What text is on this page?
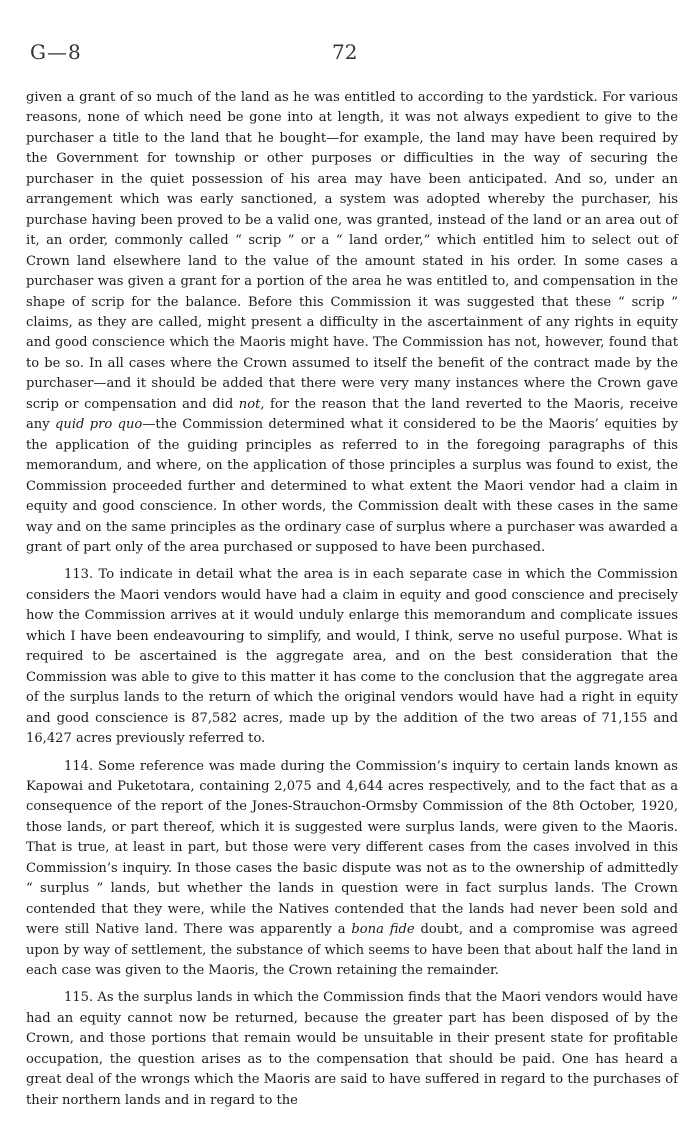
G—8	72

given a grant of so much of the land as he was entitled to according to the yardstick. For various reasons, none of which need be gone into at length, it was not always expedient to give to the purchaser a title to the land that he bought—for example, the land may have been required by the Government for township or other purposes or difficulties in the way of securing the purchaser in the quiet possession of his area may have been anticipated. And so, under an arrangement which was early sanctioned, a system was adopted whereby the purchaser, his purchase having been proved to be a valid one, was granted, instead of the land or an area out of it, an order, commonly called “ scrip ” or a “ land order,” which entitled him to select out of Crown land elsewhere land to the value of the amount stated in his order. In some cases a purchaser was given a grant for a portion of the area he was entitled to, and compensation in the shape of scrip for the balance. Before this Commission it was suggested that these “ scrip ” claims, as they are called, might present a difficulty in the ascertainment of any rights in equity and good conscience which the Maoris might have. The Commission has not, however, found that to be so. In all cases where the Crown assumed to itself the benefit of the contract made by the purchaser—and it should be added that there were very many instances where the Crown gave scrip or compensation and did not, for the reason that the land reverted to the Maoris, receive any quid pro quo—the Commission determined what it considered to be the Maoris’ equities by the application of the guiding principles as referred to in the foregoing paragraphs of this memorandum, and where, on the application of those principles a surplus was found to exist, the Commission proceeded further and determined to what extent the Maori vendor had a claim in equity and good conscience. In other words, the Commission dealt with these cases in the same way and on the same principles as the ordinary case of surplus where a purchaser was awarded a grant of part only of the area purchased or supposed to have been purchased.

113. To indicate in detail what the area is in each separate case in which the Commission considers the Maori vendors would have had a claim in equity and good conscience and precisely how the Commission arrives at it would unduly enlarge this memorandum and complicate issues which I have been endeavouring to simplify, and would, I think, serve no useful purpose. What is required to be ascertained is the aggregate area, and on the best consideration that the Commission was able to give to this matter it has come to the conclusion that the aggregate area of the surplus lands to the return of which the original vendors would have had a right in equity and good conscience is 87,582 acres, made up by the addition of the two areas of 71,155 and 16,427 acres previously referred to.

114. Some reference was made during the Commission’s inquiry to certain lands known as Kapowai and Puketotara, containing 2,075 and 4,644 acres respectively, and to the fact that as a consequence of the report of the Jones-Strauchon-Ormsby Commission of the 8th October, 1920, those lands, or part thereof, which it is suggested were surplus lands, were given to the Maoris. That is true, at least in part, but those were very different cases from the cases involved in this Commission’s inquiry. In those cases the basic dispute was not as to the ownership of admittedly “ surplus ” lands, but whether the lands in question were in fact surplus lands. The Crown contended that they were, while the Natives contended that the lands had never been sold and were still Native land. There was apparently a bona fide doubt, and a compromise was agreed upon by way of settlement, the substance of which seems to have been that about half the land in each case was given to the Maoris, the Crown retaining the remainder.

115. As the surplus lands in which the Commission finds that the Maori vendors would have had an equity cannot now be returned, because the greater part has been disposed of by the Crown, and those portions that remain would be unsuitable in their present state for profitable occupation, the question arises as to the compensation that should be paid. One has heard a great deal of the wrongs which the Maoris are said to have suffered in regard to the purchases of their northern lands and in regard to the
